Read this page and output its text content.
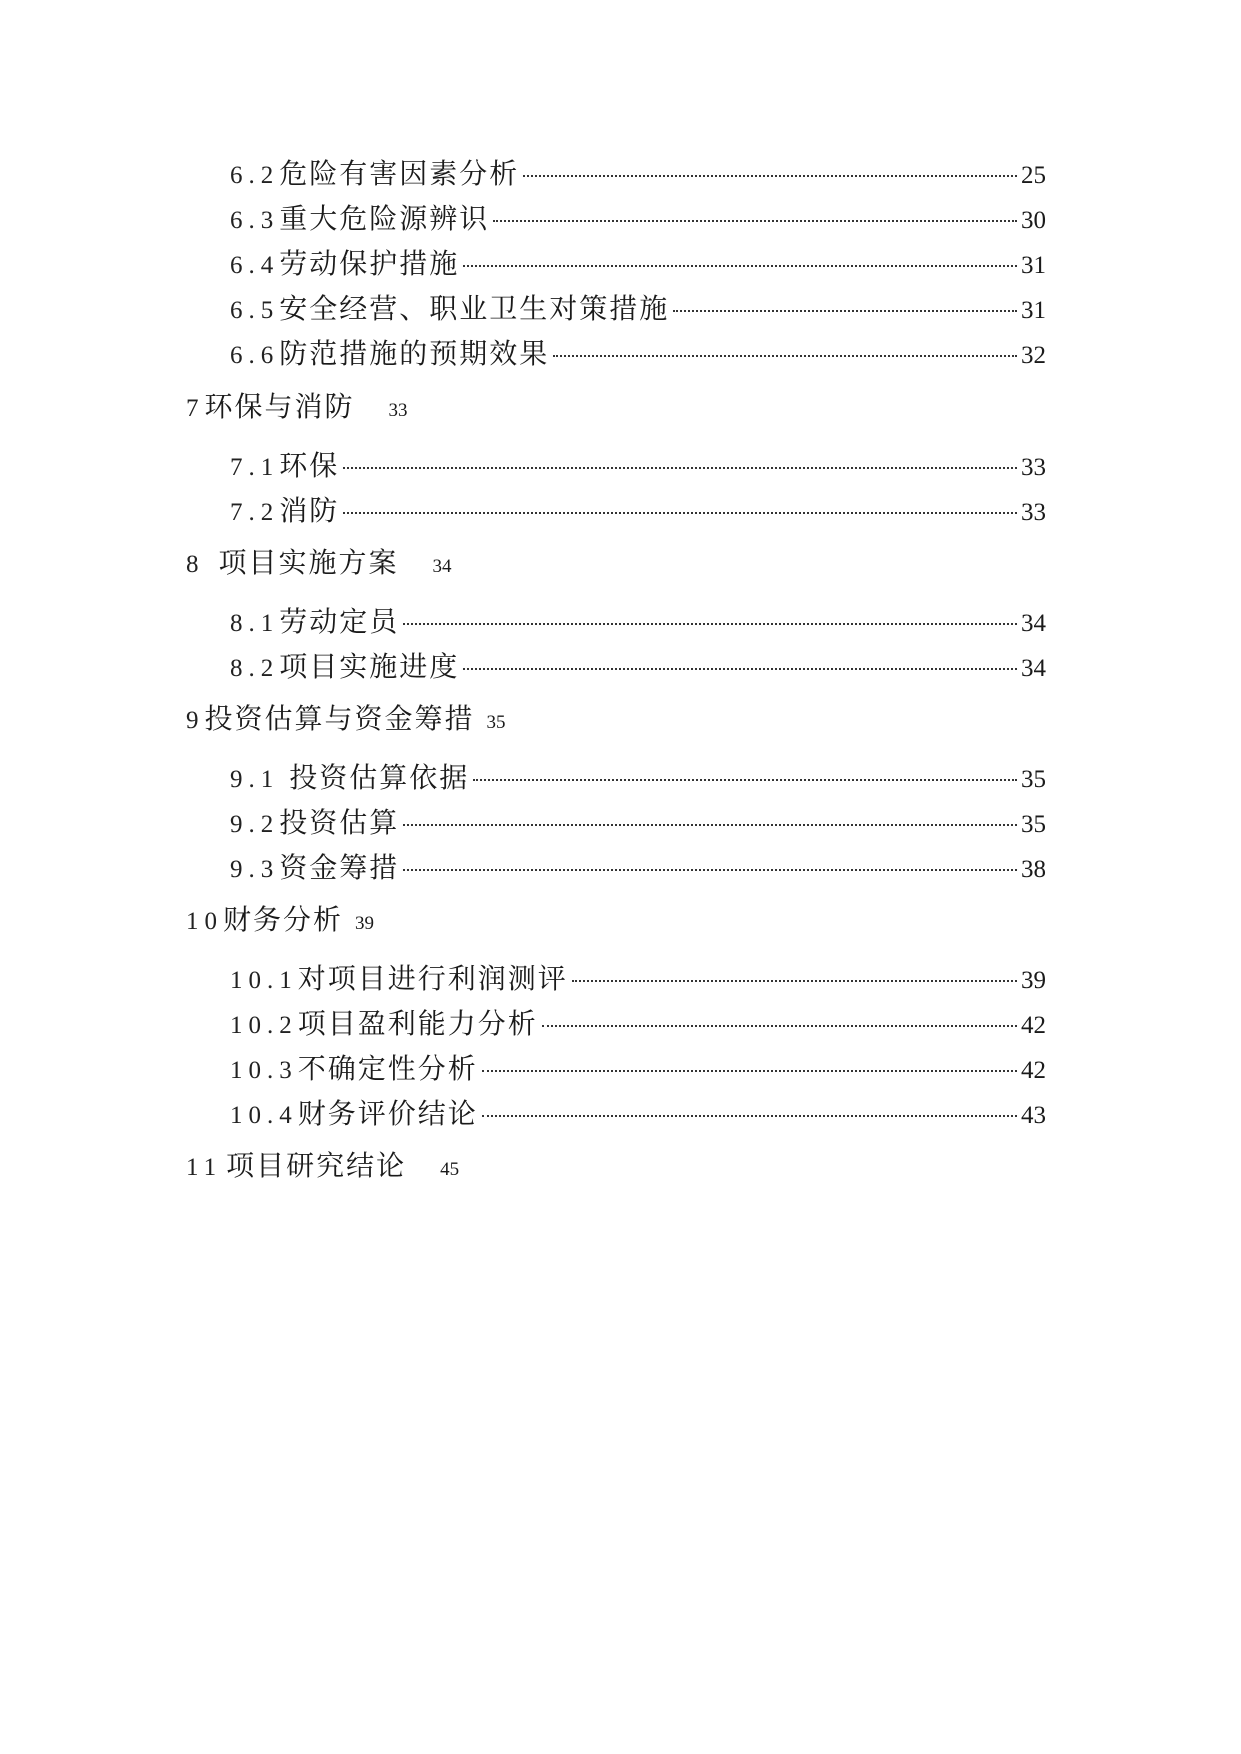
6.2 危险有害因素分析	25
6.3 重大危险源辨识	30
6.4 劳动保护措施	31
6.5 安全经营、职业卫生对策措施	31
6.6 防范措施的预期效果	32
7 环保与消防 33
7.1 环保	33
7.2 消防	33
8 项目实施方案 34
8.1 劳动定员	34
8.2 项目实施进度	34
9 投资估算与资金筹措 35
9.1 投资估算依据	35
9.2 投资估算	35
9.3 资金筹措	38
10 财务分析 39
10.1 对项目进行利润测评	39
10.2 项目盈利能力分析	42
10.3 不确定性分析	42
10.4 财务评价结论	43
11 项目研究结论 45
